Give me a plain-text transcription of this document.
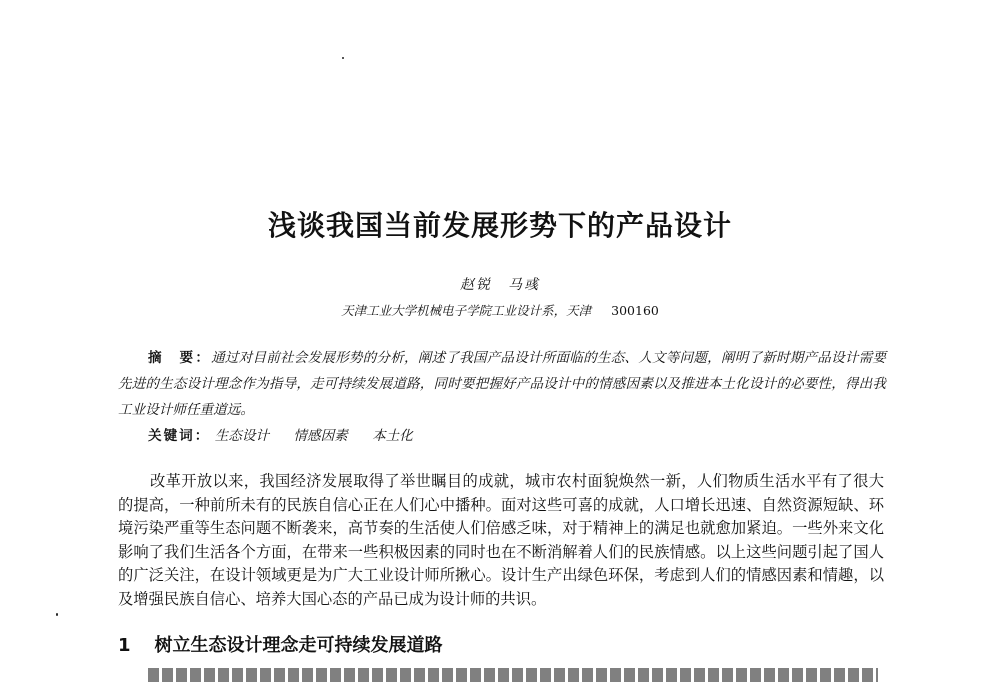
浅谈我国当前发展形势下的产品设计
赵锐　马彧
天津工业大学机械电子学院工业设计系，天津 300160
摘　要：通过对目前社会发展形势的分析，阐述了我国产品设计所面临的生态、人文等问题，阐明了新时期产品设计需要先进的生态设计理念作为指导，走可持续发展道路，同时要把握好产品设计中的情感因素以及推进本土化设计的必要性，得出我工业设计师任重道远。
关键词： 生态设计 情感因素 本土化
改革开放以来，我国经济发展取得了举世瞩目的成就，城市农村面貌焕然一新，人们物质生活水平有了很大的提高，一种前所未有的民族自信心正在人们心中播种。面对这些可喜的成就，人口增长迅速、自然资源短缺、环境污染严重等生态问题不断袭来，高节奏的生活使人们倍感乏味，对于精神上的满足也就愈加紧迫。一些外来文化影响了我们生活各个方面，在带来一些积极因素的同时也在不断消解着人们的民族情感。以上这些问题引起了国人的广泛关注，在设计领域更是为广大工业设计师所揪心。设计生产出绿色环保，考虑到人们的情感因素和情趣，以及增强民族自信心、培养大国心态的产品已成为设计师的共识。
1 树立生态设计理念走可持续发展道路
